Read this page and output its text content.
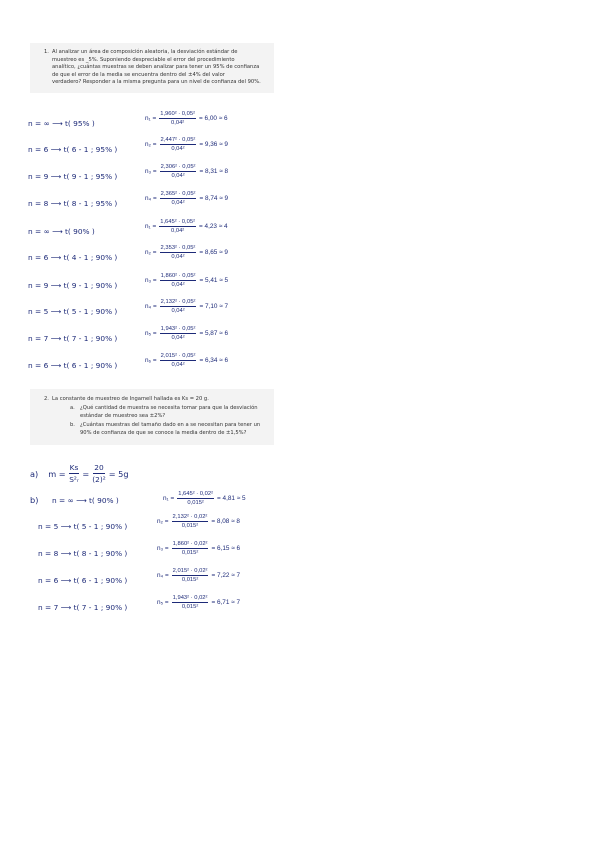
1. Al analizar un área de composición aleatoria, la desviación estándar de

muestreo es _5%. Suponiendo despreciable el error del procedimiento

analítico, ¿cuántas muestras se deben analizar para tener un 95% de confianza

de que el error de la media se encuentra dentro del ±4% del valor

verdadero? Responder a la misma pregunta para un nivel de confianza del 90%.

n = ∞ ⟶ t( 95% )
$n_1 = \frac{\text{1,960² · 0,05²}}{\text{0,04²}} = 6,00 \approx 6$
n = 6 ⟶ t( 6 - 1 ; 95% )
$n_2 = \frac{\text{2,447² · 0,05²}}{\text{0,04²}} = 9,36 \approx 9$
n = 9 ⟶ t( 9 - 1 ; 95% )
$n_3 = \frac{\text{2,306² · 0,05²}}{\text{0,04²}} = 8,31 \approx 8$
n = 8 ⟶ t( 8 - 1 ; 95% )
$n_4 = \frac{\text{2,365² · 0,05²}}{\text{0,04²}} = 8,74 \approx 9$
n = ∞ ⟶ t( 90% )
$n_1 = \frac{\text{1,645² · 0,05²}}{\text{0,04²}} = 4,23 \approx 4$
n = 6 ⟶ t( 4 - 1 ; 90% )
$n_2 = \frac{\text{2,353² · 0,05²}}{\text{0,04²}} = 8,65 \approx 9$
n = 9 ⟶ t( 9 - 1 ; 90% )
$n_3 = \frac{\text{1,860² · 0,05²}}{\text{0,04²}} = 5,41 \approx 5$
n = 5 ⟶ t( 5 - 1 ; 90% )
$n_4 = \frac{\text{2,132² · 0,05²}}{\text{0,04²}} = 7,10 \approx 7$
n = 7 ⟶ t( 7 - 1 ; 90% )
$n_5 = \frac{\text{1,943² · 0,05²}}{\text{0,04²}} = 5,87 \approx 6$
n = 6 ⟶ t( 6 - 1 ; 90% )
$n_6 = \frac{\text{2,015² · 0,05²}}{\text{0,04²}} = 6,34 \approx 6$
2. La constante de muestreo de Ingamell hallada es Ks = 20 g.

a. ¿Qué cantidad de muestra se necesita tomar para que la desviación

estándar de muestreo sea ±2%?

b. ¿Cuántas muestras del tamaño dado en a se necesitan para tener un

90% de confianza de que se conoce la media dentro de ±1,5%?

a) $m = \frac{Ks}{\text{S²ᵣ}} = \frac{20}{\text{(2)²}} = 5g$
b) n = ∞ ⟶ t( 90% )	$n_1 = \frac{\text{1,645² · 0,02²}}{\text{0,015²}} = 4,81 \approx 5$
n = 5 ⟶ t( 5 - 1 ; 90% )
$n_2 = \frac{\text{2,132² · 0,02²}}{\text{0,015²}} = 8,08 \approx 8$
n = 8 ⟶ t( 8 - 1 ; 90% )
$n_3 = \frac{\text{1,860² · 0,02²}}{\text{0,015²}} = 6,15 \approx 6$
n = 6 ⟶ t( 6 - 1 ; 90% )
$n_4 = \frac{\text{2,015² · 0,02²}}{\text{0,015²}} = 7,22 \approx 7$
n = 7 ⟶ t( 7 - 1 ; 90% )
$n_5 = \frac{\text{1,943² · 0,02²}}{\text{0,015²}} = 6,71 \approx 7$
